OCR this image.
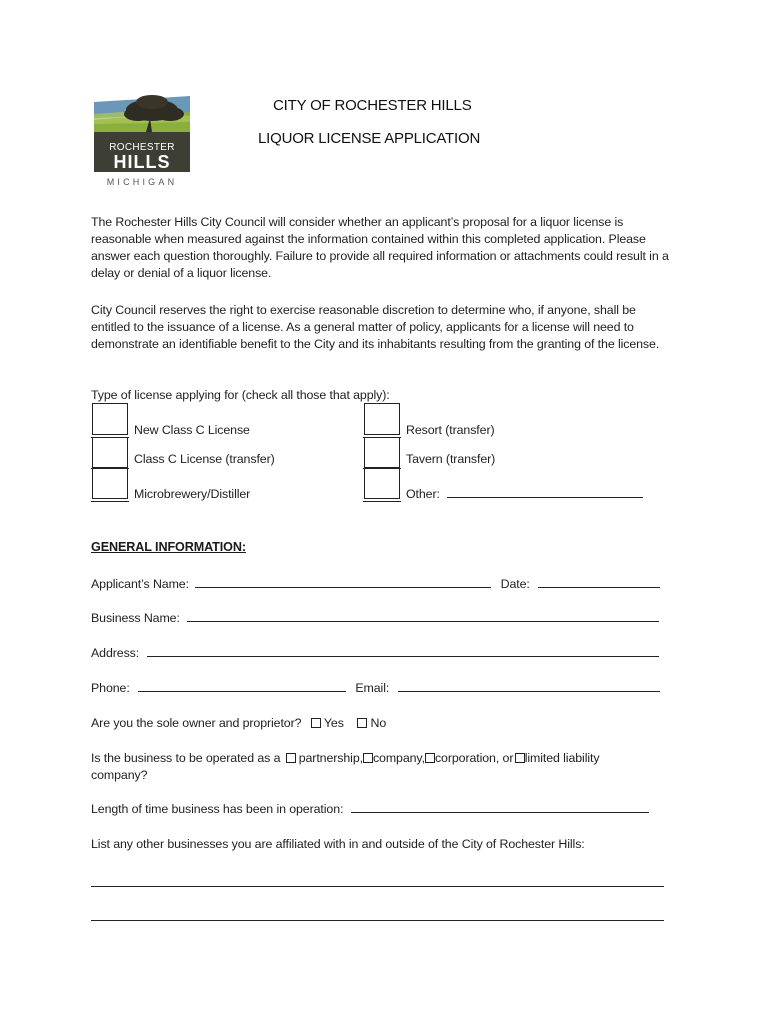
ROCHESTER
HILLS
MICHIGAN
CITY OF ROCHESTER HILLS
LIQUOR LICENSE APPLICATION
The Rochester Hills City Council will consider whether an applicant’s proposal for a liquor license is reasonable when measured against the information contained within this completed application. Please answer each question thoroughly. Failure to provide all required information or attachments could result in a delay or denial of a liquor license.
City Council reserves the right to exercise reasonable discretion to determine who, if anyone, shall be entitled to the issuance of a license. As a general matter of policy, applicants for a license will need to demonstrate an identifiable benefit to the City and its inhabitants resulting from the granting of the license.
Type of license applying for (check all those that apply):
New Class C License
Class C License (transfer)
Microbrewery/Distiller
Resort (transfer)
Tavern (transfer)
Other:
GENERAL INFORMATION:
Applicant’s Name:	Date:
Business Name:
Address:
Phone:	Email:
Are you the sole owner and proprietor? Yes No
Is the business to be operated as a partnership, company, corporation, or limited liability
company?
Length of time business has been in operation:
List any other businesses you are affiliated with in and outside of the City of Rochester Hills:
